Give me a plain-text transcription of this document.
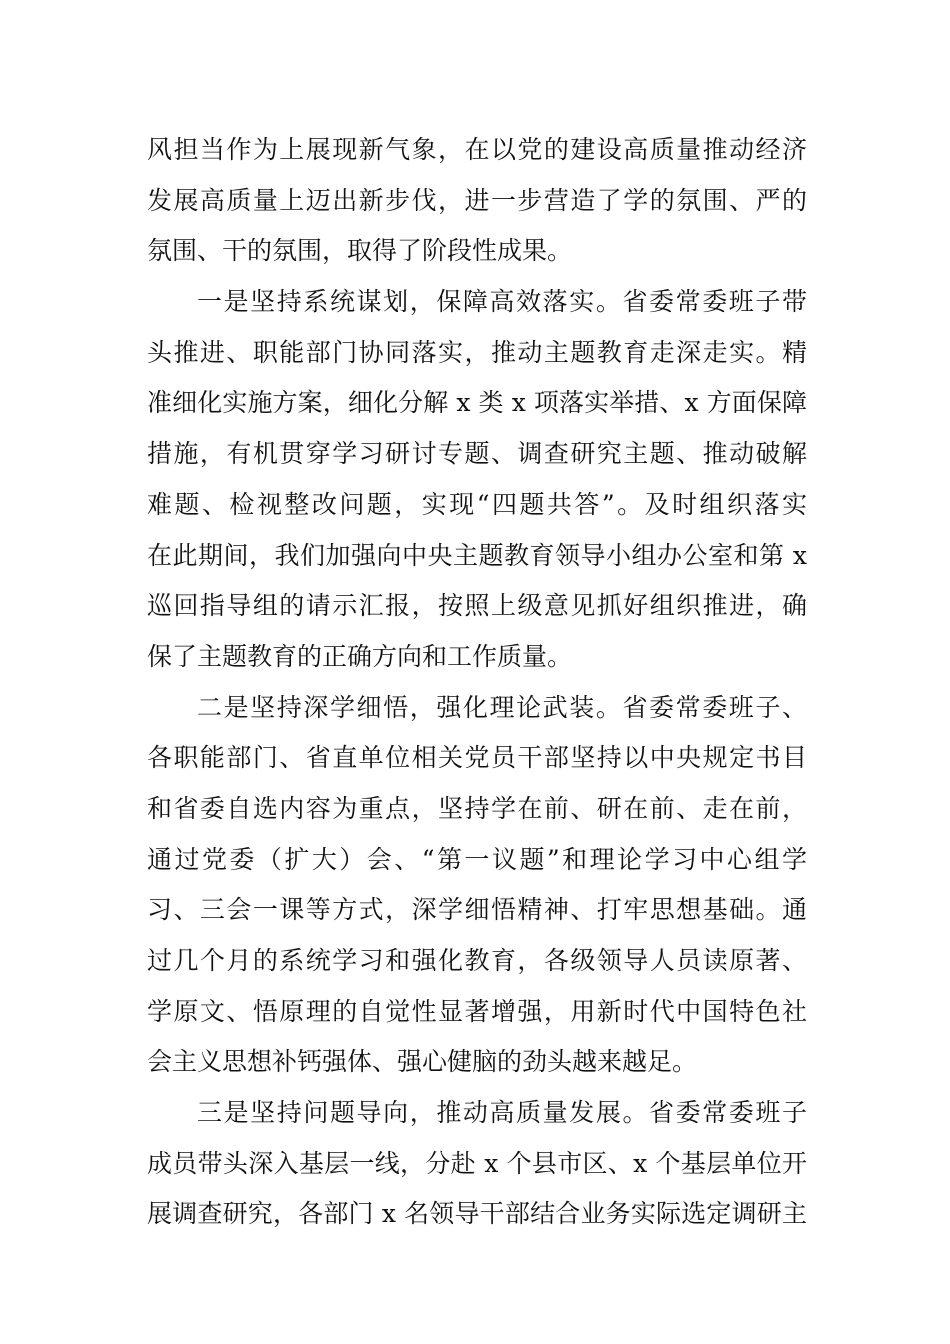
风担当作为上展现新气象，在以党的建设高质量推动经济
发展高质量上迈出新步伐，进一步营造了学的氛围、严的
氛围、干的氛围，取得了阶段性成果。
一是坚持系统谋划，保障高效落实。省委常委班子带
头推进、职能部门协同落实，推动主题教育走深走实。精
准细化实施方案，细化分解 x 类 x 项落实举措、x 方面保障
措施，有机贯穿学习研讨专题、调查研究主题、推动破解
难题、检视整改问题，实现“四题共答”。及时组织落实
在此期间，我们加强向中央主题教育领导小组办公室和第 x
巡回指导组的请示汇报，按照上级意见抓好组织推进，确
保了主题教育的正确方向和工作质量。
二是坚持深学细悟，强化理论武装。省委常委班子、
各职能部门、省直单位相关党员干部坚持以中央规定书目
和省委自选内容为重点，坚持学在前、研在前、走在前，
通过党委（扩大）会、“第一议题”和理论学习中心组学
习、三会一课等方式，深学细悟精神、打牢思想基础。通
过几个月的系统学习和强化教育，各级领导人员读原著、
学原文、悟原理的自觉性显著增强，用新时代中国特色社
会主义思想补钙强体、强心健脑的劲头越来越足。
三是坚持问题导向，推动高质量发展。省委常委班子
成员带头深入基层一线，分赴 x 个县市区、x 个基层单位开
展调查研究，各部门 x 名领导干部结合业务实际选定调研主
